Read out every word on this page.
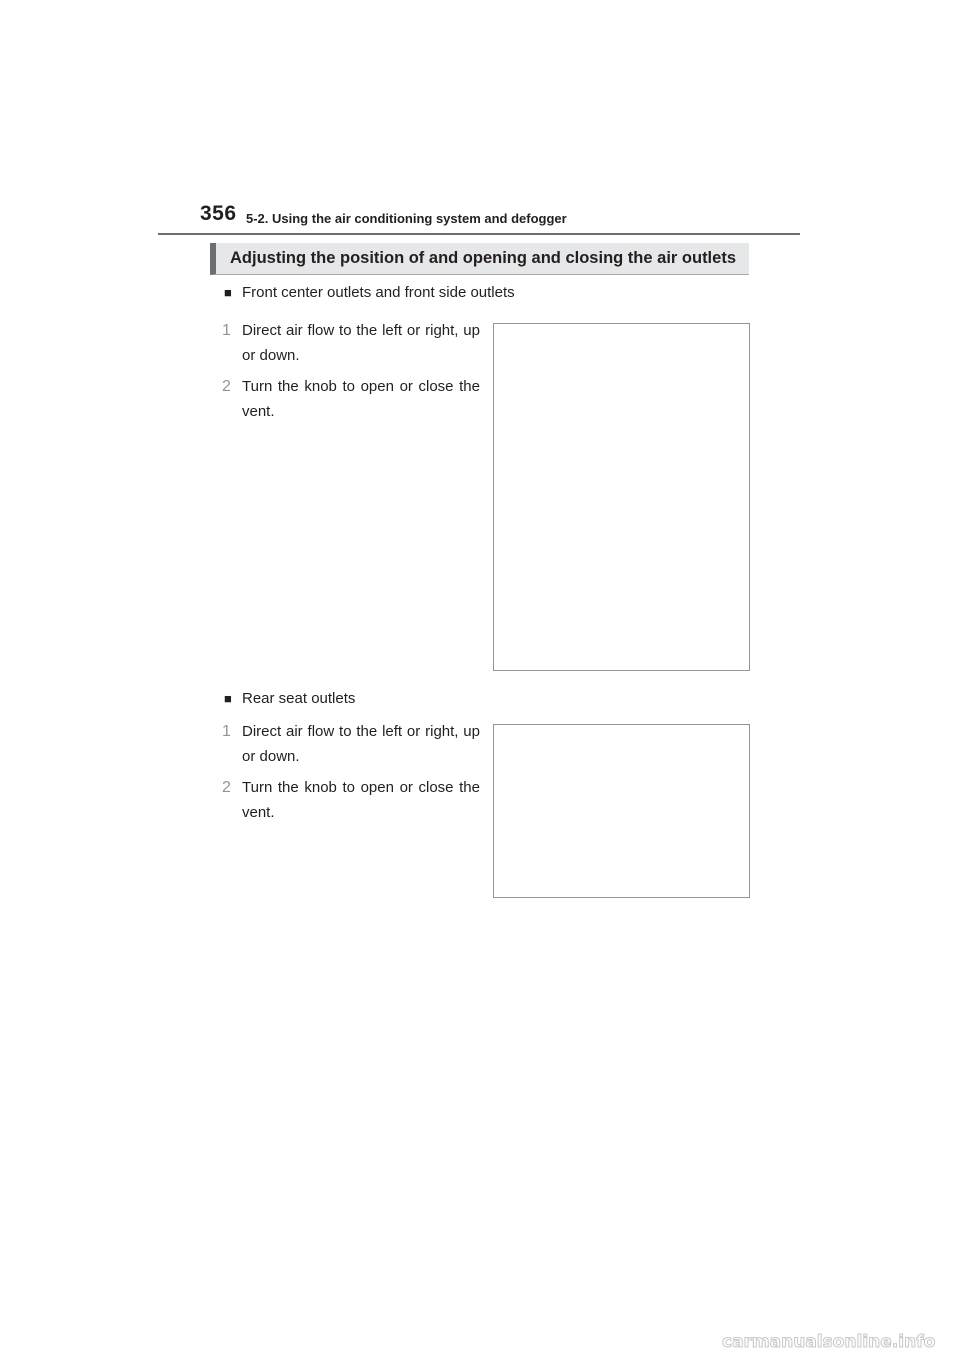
356 5-2. Using the air conditioning system and defogger
Adjusting the position of and opening and closing the air outlets
■ Front center outlets and front side outlets
1 Direct air flow to the left or right, up or down.
2 Turn the knob to open or close the vent.
■ Rear seat outlets
1 Direct air flow to the left or right, up or down.
2 Turn the knob to open or close the vent.
carmanualsonline.info
